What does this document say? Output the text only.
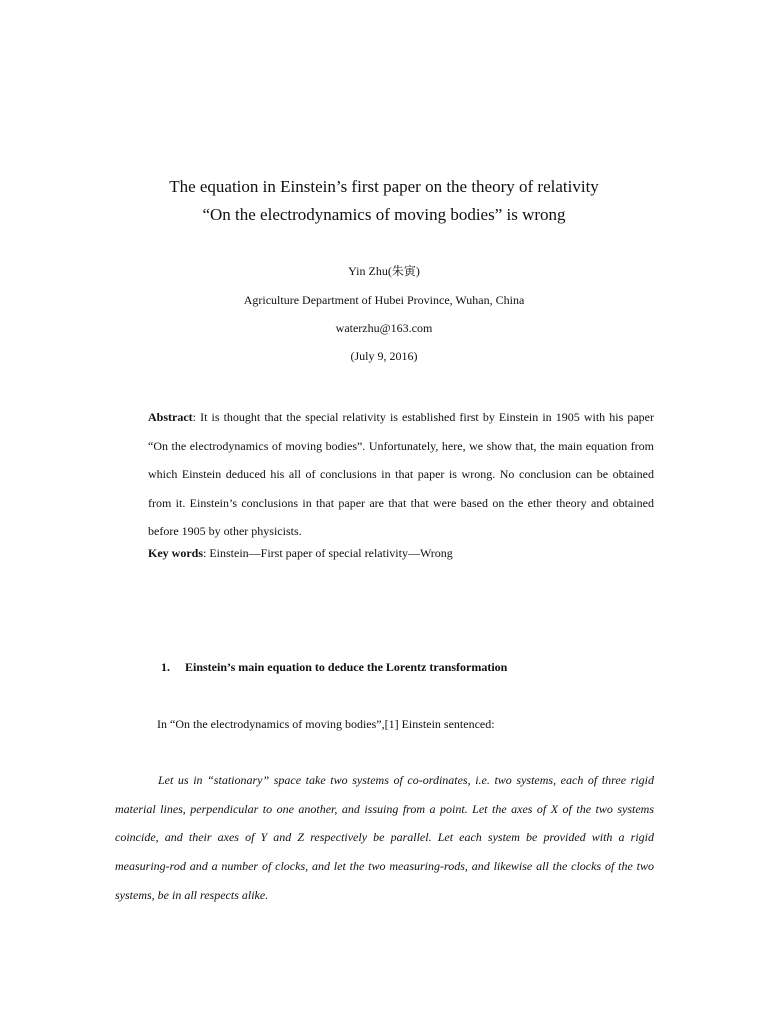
The equation in Einstein’s first paper on the theory of relativity
“On the electrodynamics of moving bodies” is wrong
Yin Zhu(朱寅)
Agriculture Department of Hubei Province, Wuhan, China
waterzhu@163.com
(July 9, 2016)
Abstract: It is thought that the special relativity is established first by Einstein in 1905 with his paper “On the electrodynamics of moving bodies”. Unfortunately, here, we show that, the main equation from which Einstein deduced his all of conclusions in that paper is wrong. No conclusion can be obtained from it. Einstein’s conclusions in that paper are that that were based on the ether theory and obtained before 1905 by other physicists.
Key words: Einstein—First paper of special relativity—Wrong
1. Einstein’s main equation to deduce the Lorentz transformation
In “On the electrodynamics of moving bodies”,[1] Einstein sentenced:
Let us in “stationary” space take two systems of co-ordinates, i.e. two systems, each of three rigid material lines, perpendicular to one another, and issuing from a point. Let the axes of X of the two systems coincide, and their axes of Y and Z respectively be parallel. Let each system be provided with a rigid measuring-rod and a number of clocks, and let the two measuring-rods, and likewise all the clocks of the two systems, be in all respects alike.
